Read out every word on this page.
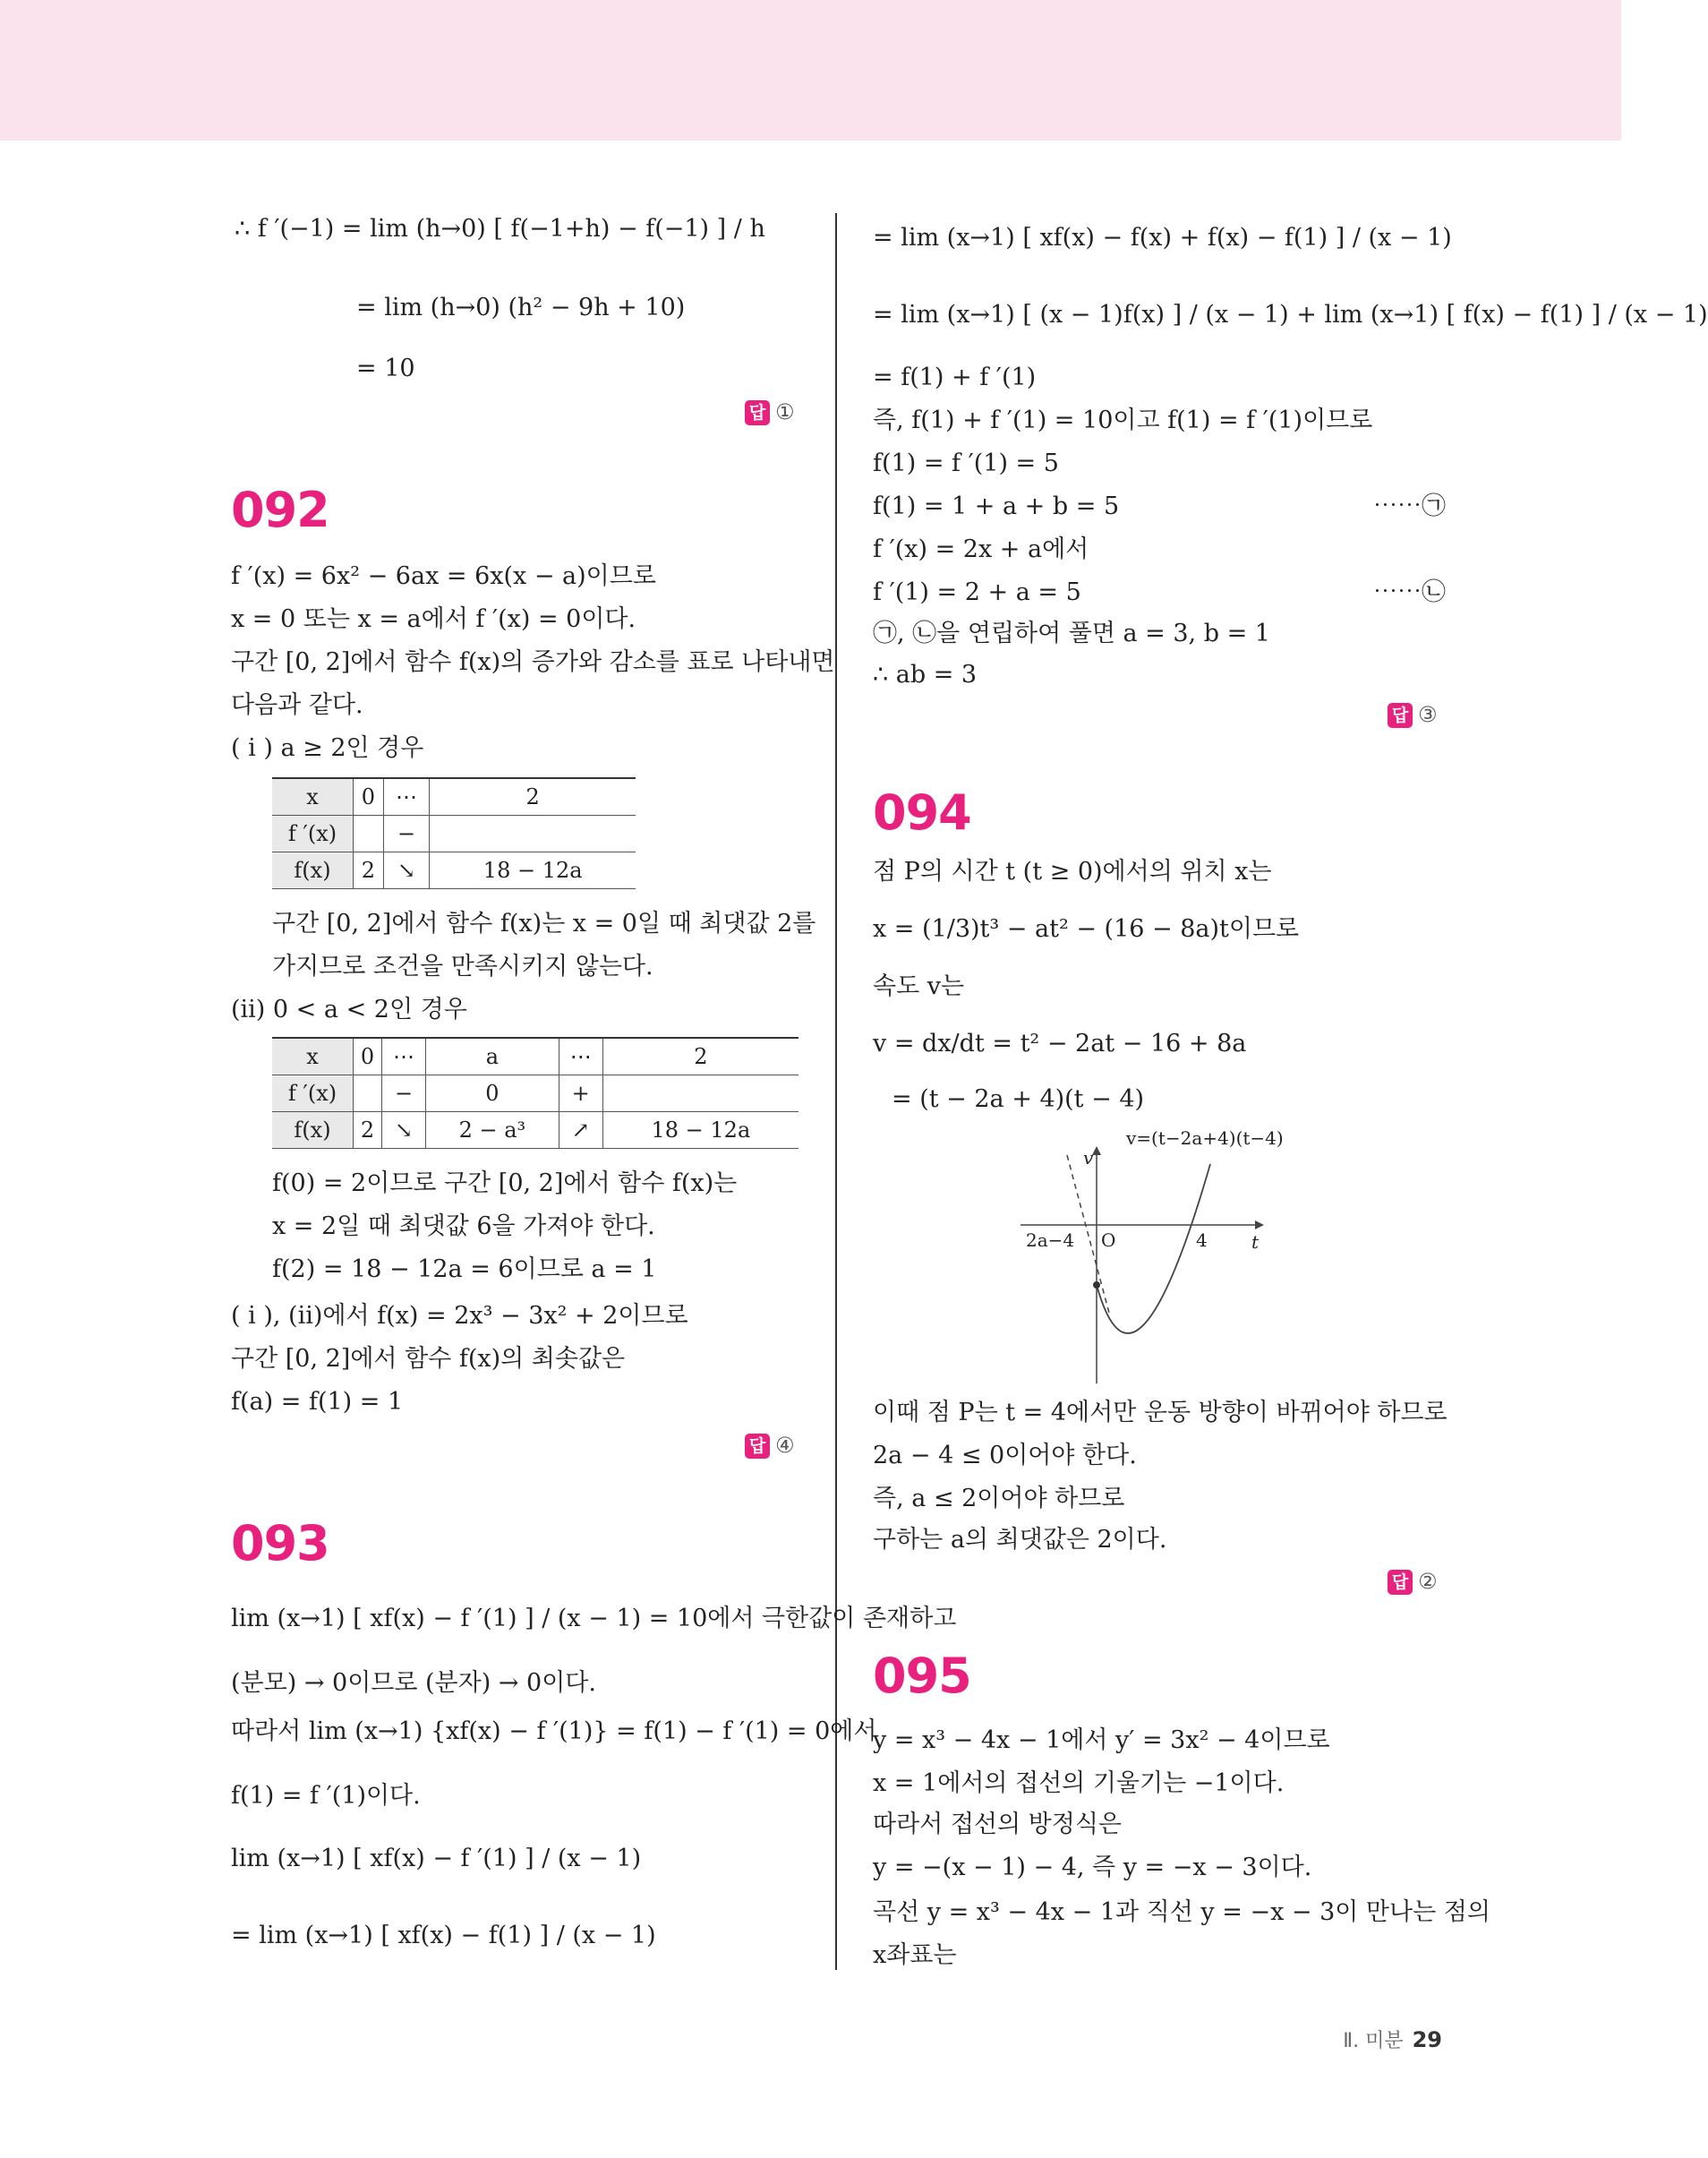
∴ f ′(−1) = lim (h→0) [ f(−1+h) − f(−1) ] / h
= lim (h→0) (h² − 9h + 10)
= 10
답 ①
092
f ′(x) = 6x² − 6ax = 6x(x − a)이므로
x = 0 또는 x = a에서 f ′(x) = 0이다.
구간 [0, 2]에서 함수 f(x)의 증가와 감소를 표로 나타내면
다음과 같다.
( i ) a ≥ 2인 경우
x	0	⋯	2
f ′(x)		−	
f(x)	2	↘	18 − 12a
구간 [0, 2]에서 함수 f(x)는 x = 0일 때 최댓값 2를
가지므로 조건을 만족시키지 않는다.
(ii) 0 < a < 2인 경우
x	0	⋯	a	⋯	2
f ′(x)		−	0	+	
f(x)	2	↘	2 − a³	↗	18 − 12a
f(0) = 2이므로 구간 [0, 2]에서 함수 f(x)는
x = 2일 때 최댓값 6을 가져야 한다.
f(2) = 18 − 12a = 6이므로 a = 1
( i ), (ii)에서 f(x) = 2x³ − 3x² + 2이므로
구간 [0, 2]에서 함수 f(x)의 최솟값은
f(a) = f(1) = 1
답 ④
093
lim (x→1) [ xf(x) − f ′(1) ] / (x − 1) = 10에서 극한값이 존재하고
(분모) → 0이므로 (분자) → 0이다.
따라서 lim (x→1) {xf(x) − f ′(1)} = f(1) − f ′(1) = 0에서
f(1) = f ′(1)이다.
lim (x→1) [ xf(x) − f ′(1) ] / (x − 1)
= lim (x→1) [ xf(x) − f(1) ] / (x − 1)
= lim (x→1) [ xf(x) − f(x) + f(x) − f(1) ] / (x − 1)
= lim (x→1) [ (x − 1)f(x) ] / (x − 1) + lim (x→1) [ f(x) − f(1) ] / (x − 1)
= f(1) + f ′(1)
즉, f(1) + f ′(1) = 10이고 f(1) = f ′(1)이므로
f(1) = f ′(1) = 5
f(1) = 1 + a + b = 5	⋯⋯㉠
f ′(x) = 2x + a에서
f ′(1) = 2 + a = 5	⋯⋯㉡
㉠, ㉡을 연립하여 풀면 a = 3, b = 1
∴ ab = 3
답 ③
094
점 P의 시간 t (t ≥ 0)에서의 위치 x는
x = (1/3)t³ − at² − (16 − 8a)t이므로
속도 v는
v = dx/dt = t² − 2at − 16 + 8a
= (t − 2a + 4)(t − 4)
v=(t−2a+4)(t−4)
v
t
O
2a−4	4
이때 점 P는 t = 4에서만 운동 방향이 바뀌어야 하므로
2a − 4 ≤ 0이어야 한다.
즉, a ≤ 2이어야 하므로
구하는 a의 최댓값은 2이다.
답 ②
095
y = x³ − 4x − 1에서 y′ = 3x² − 4이므로
x = 1에서의 접선의 기울기는 −1이다.
따라서 접선의 방정식은
y = −(x − 1) − 4, 즉 y = −x − 3이다.
곡선 y = x³ − 4x − 1과 직선 y = −x − 3이 만나는 점의
x좌표는
Ⅱ. 미분 29
